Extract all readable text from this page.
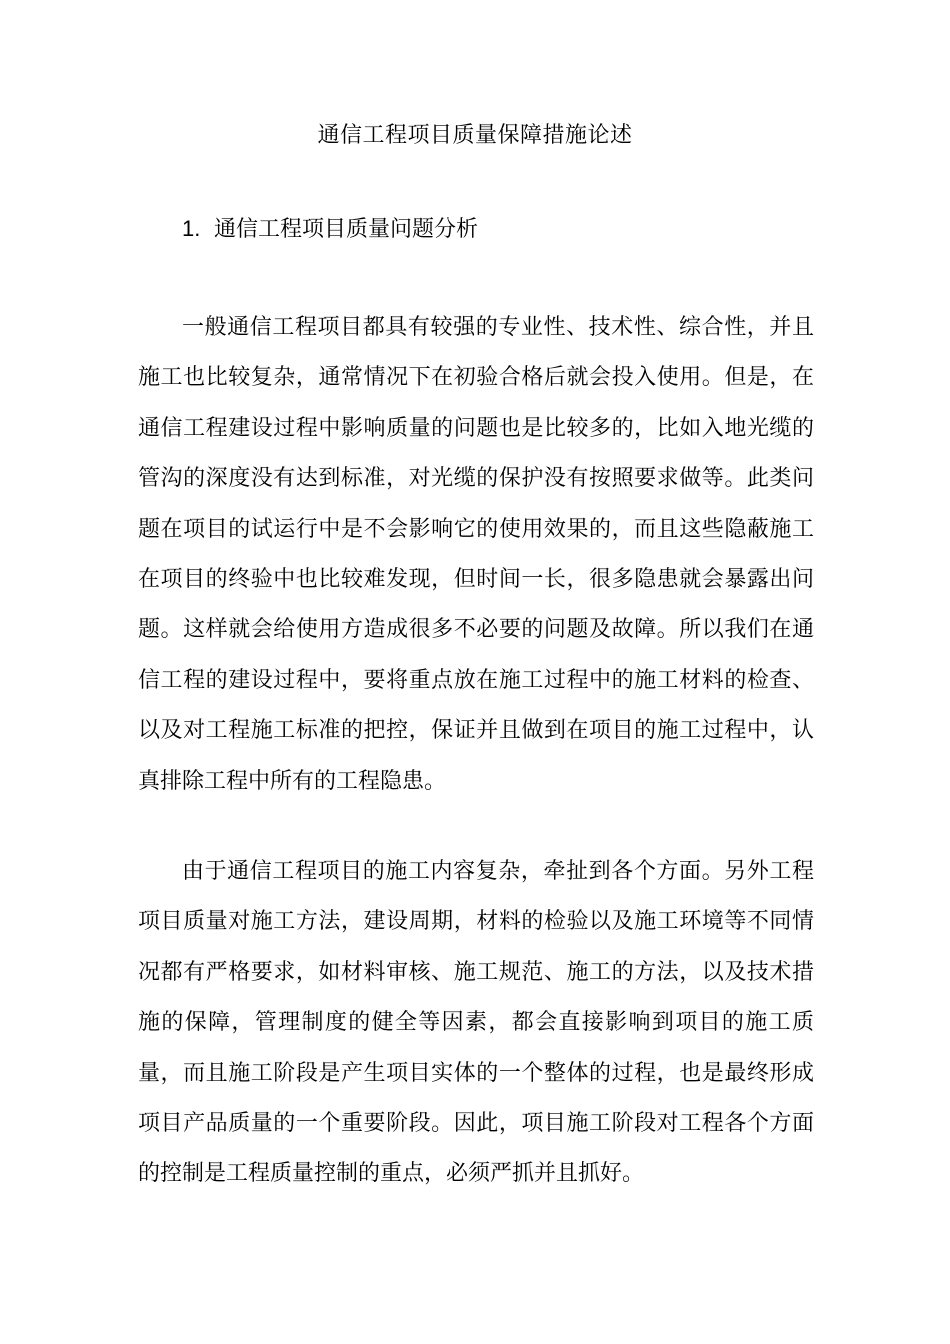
通信工程项目质量保障措施论述
1. 通信工程项目质量问题分析

一般通信工程项目都具有较强的专业性、技术性、综合性，并且施工也比较复杂，通常情况下在初验合格后就会投入使用。但是，在通信工程建设过程中影响质量的问题也是比较多的，比如入地光缆的管沟的深度没有达到标准，对光缆的保护没有按照要求做等。此类问题在项目的试运行中是不会影响它的使用效果的，而且这些隐蔽施工在项目的终验中也比较难发现，但时间一长，很多隐患就会暴露出问题。这样就会给使用方造成很多不必要的问题及故障。所以我们在通信工程的建设过程中，要将重点放在施工过程中的施工材料的检查、以及对工程施工标准的把控，保证并且做到在项目的施工过程中，认真排除工程中所有的工程隐患。

由于通信工程项目的施工内容复杂，牵扯到各个方面。另外工程项目质量对施工方法，建设周期，材料的检验以及施工环境等不同情况都有严格要求，如材料审核、施工规范、施工的方法，以及技术措施的保障，管理制度的健全等因素，都会直接影响到项目的施工质量，而且施工阶段是产生项目实体的一个整体的过程，也是最终形成项目产品质量的一个重要阶段。因此，项目施工阶段对工程各个方面的控制是工程质量控制的重点，必须严抓并且抓好。
